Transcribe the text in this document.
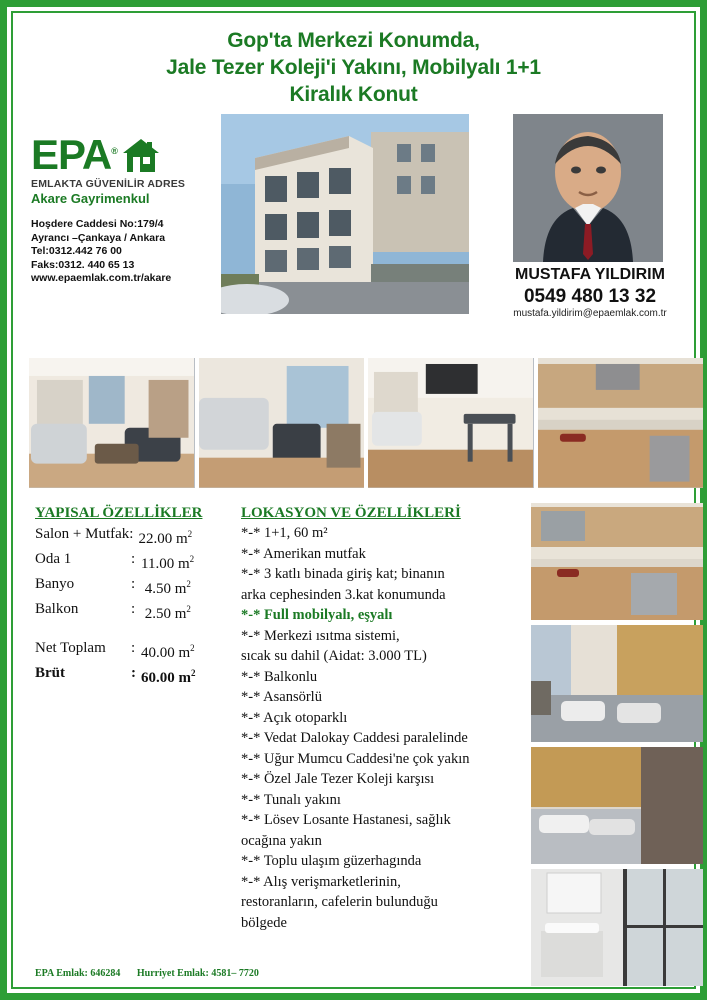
Gop'ta Merkezi Konumda,
Jale Tezer Koleji'i Yakını, Mobilyalı 1+1
Kiralık Konut
EPA®
EMLAKTA GÜVENİLİR ADRES
Akare Gayrimenkul
Hoşdere Caddesi No:179/4
Ayrancı –Çankaya / Ankara
Tel:0312.442 76 00
Faks:0312. 440 65 13
www.epaemlak.com.tr/akare	MUSTAFA YILDIRIM
0549 480 13 32
mustafa.yildirim@epaemlak.com.tr
YAPISAL ÖZELLİKLER
Salon + Mutfak: 22.00 $m^2$
Oda 1	: 11.00 $m^2$
Banyo	: 4.50 $m^2$
Balkon	: 2.50 $m^2$
Net Toplam	: 40.00 $m^2$
Brüt	: 60.00 $m^2$
LOKASYON VE ÖZELLİKLERİ
*-* 1+1, 60 m²
*-* Amerikan mutfak
*-* 3 katlı binada giriş kat; binanın
arka cephesinden 3.kat konumunda
*-* Full mobilyalı, eşyalı
*-* Merkezi ısıtma sistemi,
sıcak su dahil (Aidat: 3.000 TL)
*-* Balkonlu
*-* Asansörlü
*-* Açık otoparklı
*-* Vedat Dalokay Caddesi paralelinde
*-* Uğur Mumcu Caddesi'ne çok yakın
*-* Özel Jale Tezer Koleji karşısı
*-* Tunalı yakını
*-* Lösev Losante Hastanesi, sağlık
ocağına yakın
*-* Toplu ulaşım güzerhagında
*-* Alış verişmarketlerinin,
restoranların, cafelerin bulunduğu
bölgede
EPA Emlak: 646284 Hurriyet Emlak: 4581– 7720
